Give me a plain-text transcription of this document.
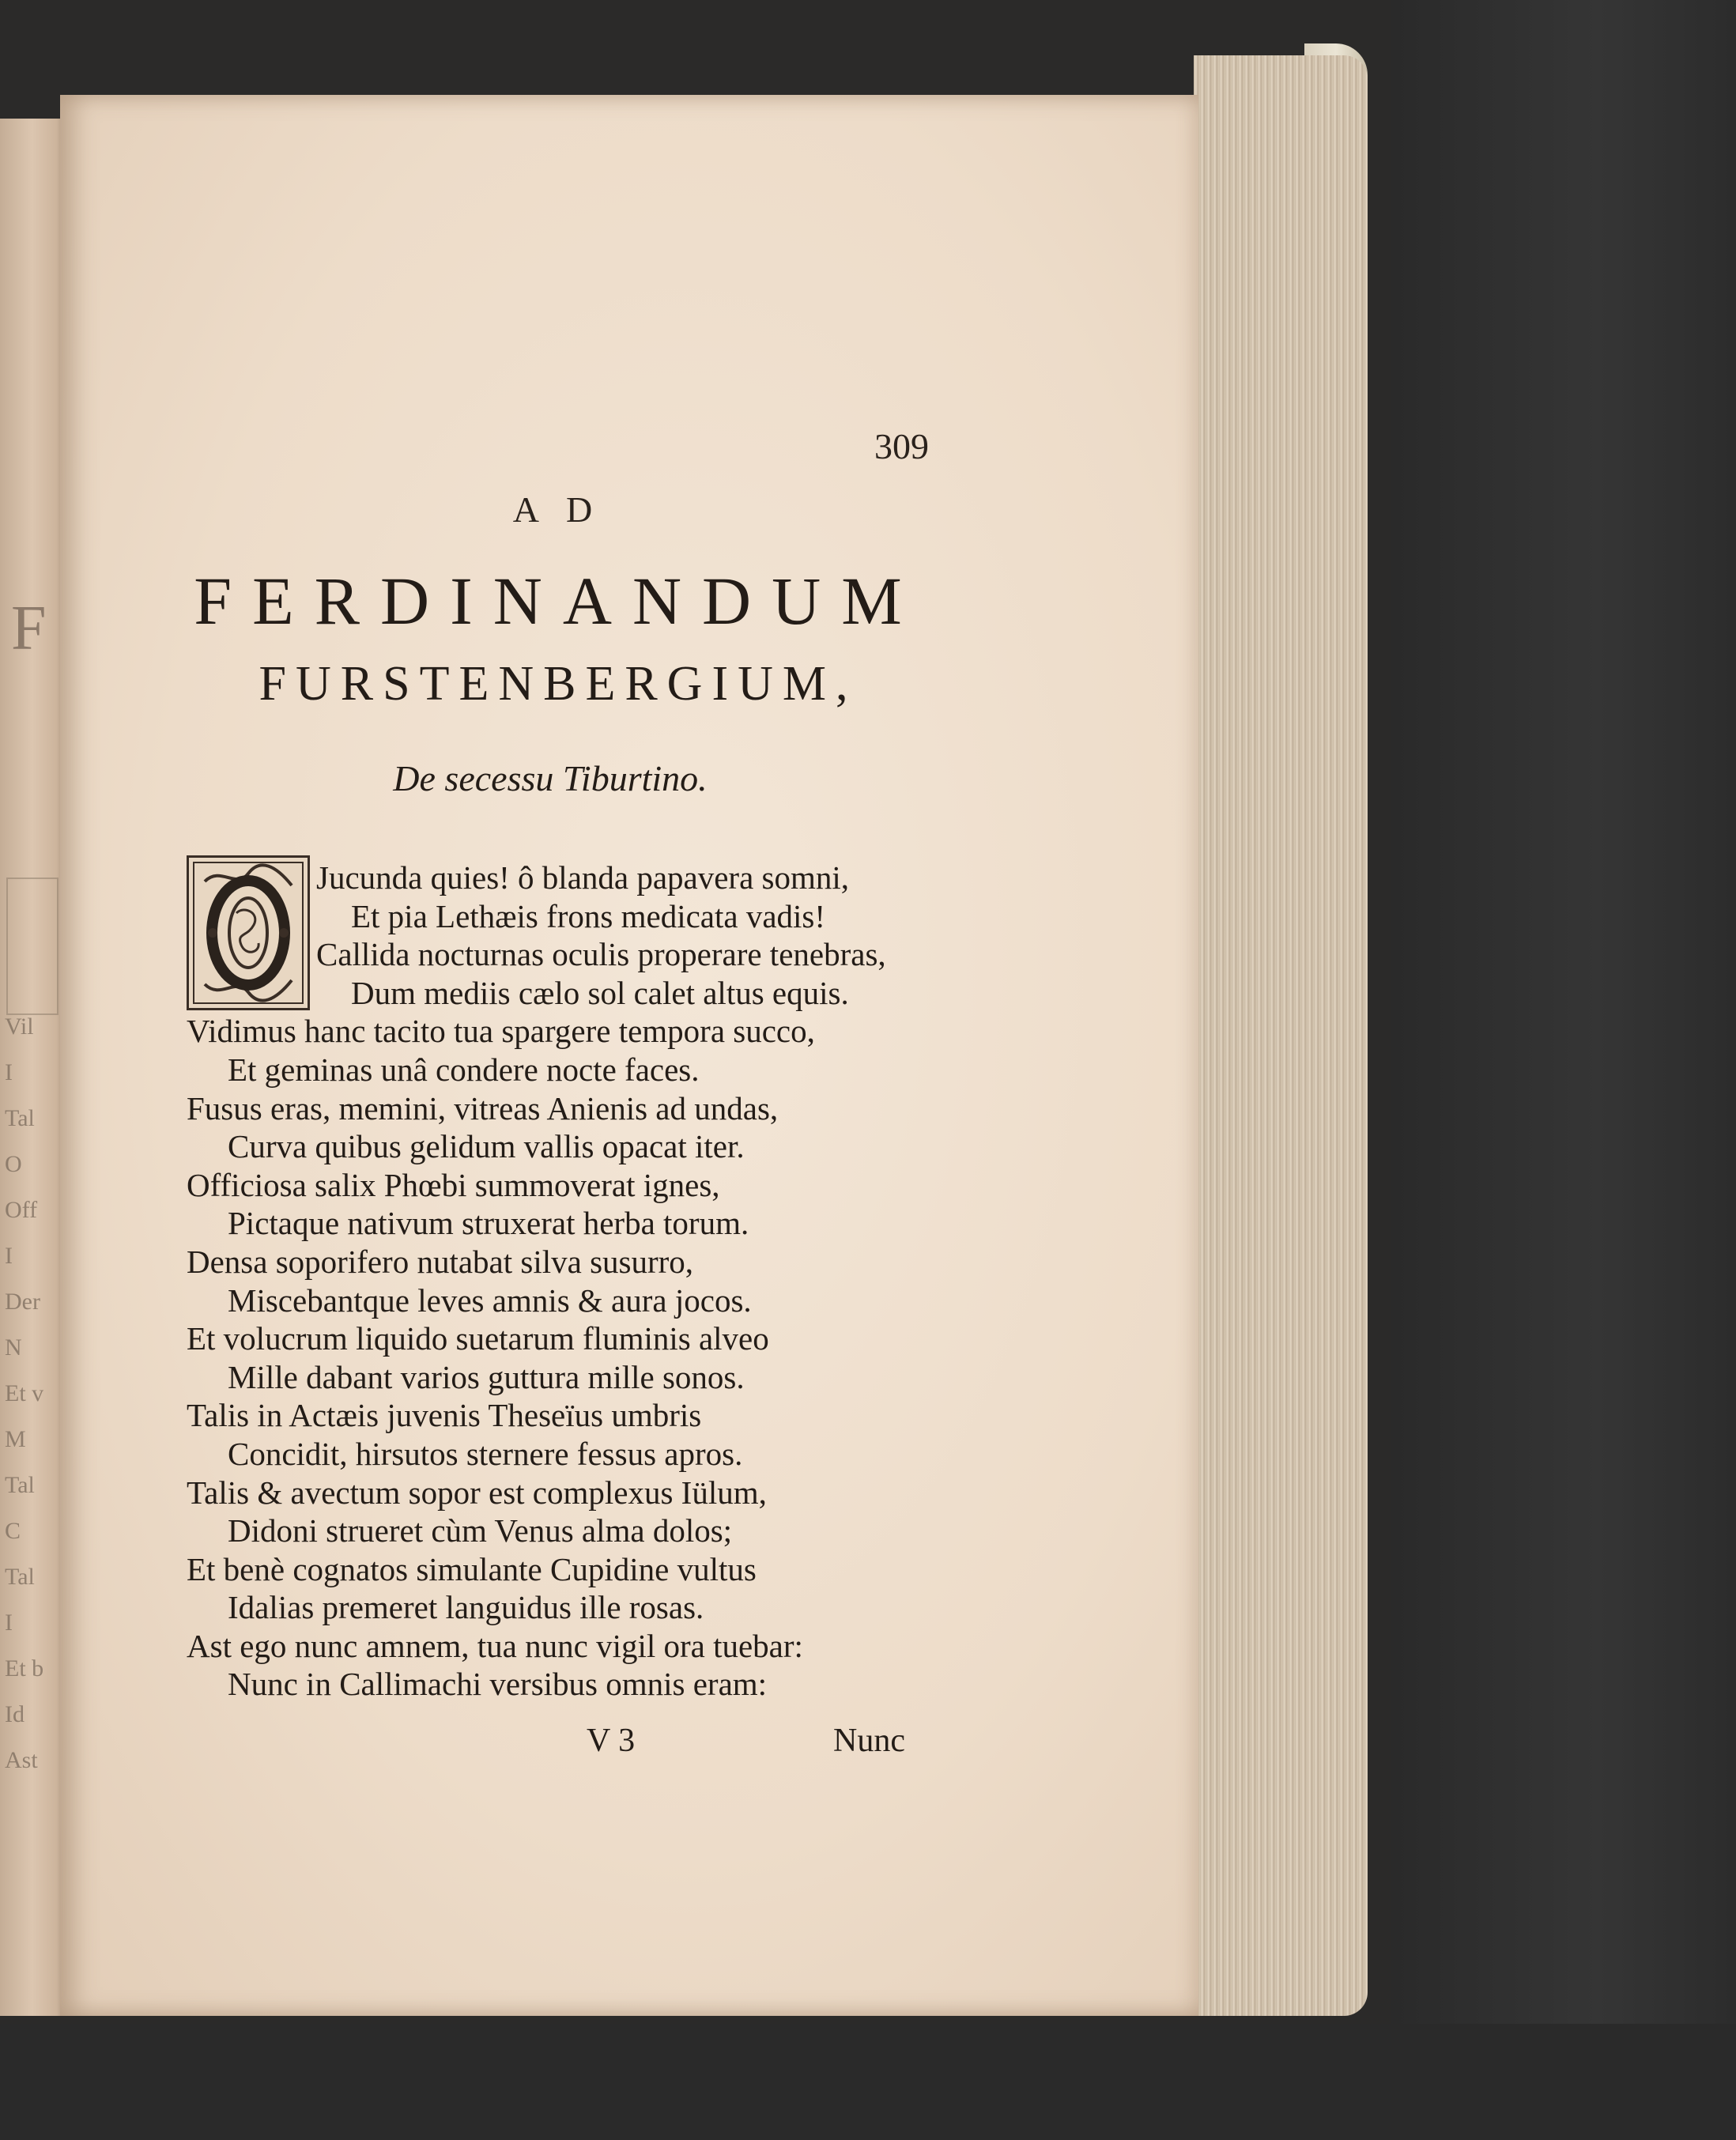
F
Vil
I
Tal
O
Off
I
Der
N
Et v
M
Tal
C
Tal
I
Et b
Id
Ast
309
AD
FERDINANDUM
FURSTENBERGIUM,
De secessu Tiburtino.
Jucunda quies! ô blanda papavera somni,
Et pia Lethæis frons medicata vadis!
Callida nocturnas oculis properare tenebras,
Dum mediis cælo sol calet altus equis.
Vidimus hanc tacito tua spargere tempora succo,
Et geminas unâ condere nocte faces.
Fusus eras, memini, vitreas Anienis ad undas,
Curva quibus gelidum vallis opacat iter.
Officiosa salix Phœbi summoverat ignes,
Pictaque nativum struxerat herba torum.
Densa soporifero nutabat silva susurro,
Miscebantque leves amnis & aura jocos.
Et volucrum liquido suetarum fluminis alveo
Mille dabant varios guttura mille sonos.
Talis in Actæis juvenis Theseïus umbris
Concidit, hirsutos sternere fessus apros.
Talis & avectum sopor est complexus Iülum,
Didoni strueret cùm Venus alma dolos;
Et benè cognatos simulante Cupidine vultus
Idalias premeret languidus ille rosas.
Ast ego nunc amnem, tua nunc vigil ora tuebar:
Nunc in Callimachi versibus omnis eram:
V 3	Nunc
